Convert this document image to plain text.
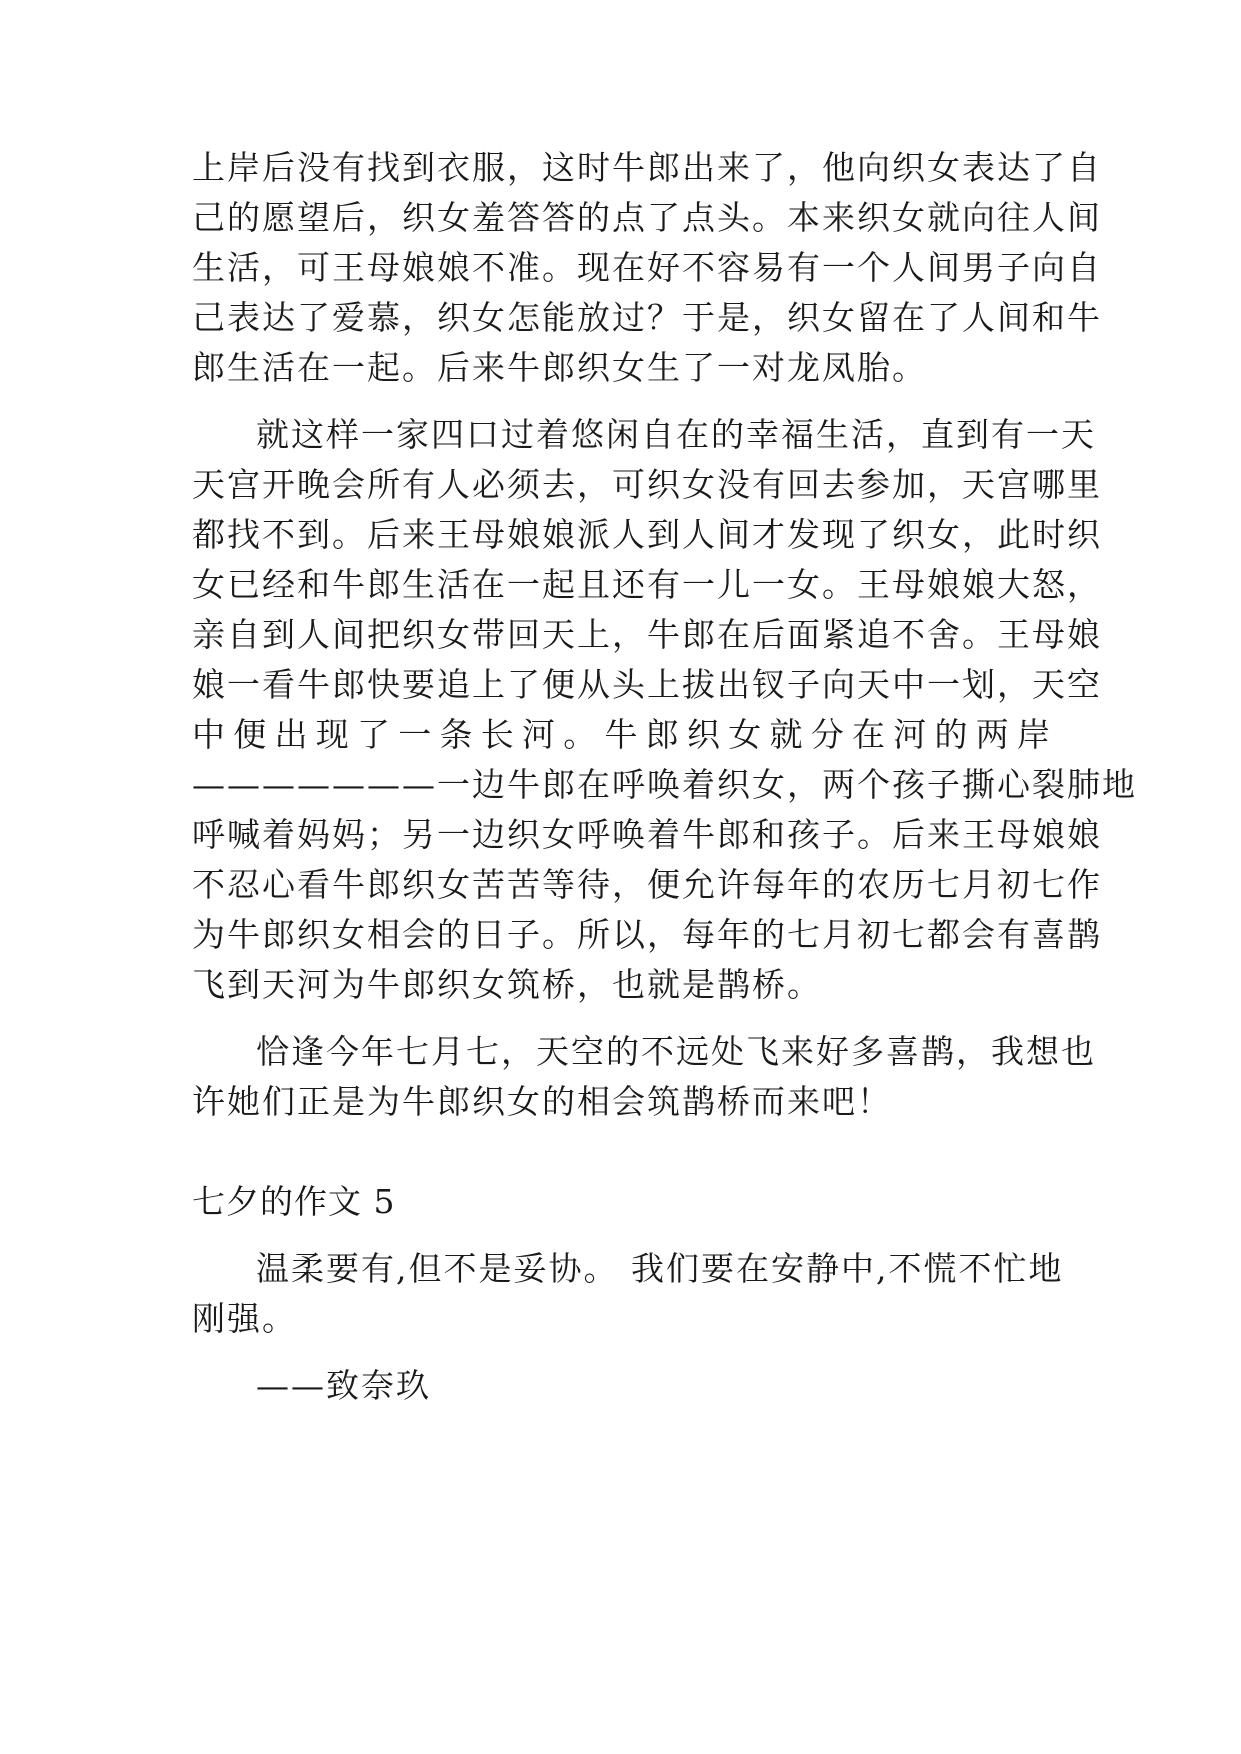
上岸后没有找到衣服，这时牛郎出来了，他向织女表达了自
己的愿望后，织女羞答答的点了点头。本来织女就向往人间
生活，可王母娘娘不准。现在好不容易有一个人间男子向自
己表达了爱慕，织女怎能放过？于是，织女留在了人间和牛
郎生活在一起。后来牛郎织女生了一对龙凤胎。
就这样一家四口过着悠闲自在的幸福生活，直到有一天
天宫开晚会所有人必须去，可织女没有回去参加，天宫哪里
都找不到。后来王母娘娘派人到人间才发现了织女，此时织
女已经和牛郎生活在一起且还有一儿一女。王母娘娘大怒，
亲自到人间把织女带回天上，牛郎在后面紧追不舍。王母娘
娘一看牛郎快要追上了便从头上拔出钗子向天中一划，天空
中便出现了一条长河。牛郎织女就分在河的两岸
———————一边牛郎在呼唤着织女，两个孩子撕心裂肺地
呼喊着妈妈；另一边织女呼唤着牛郎和孩子。后来王母娘娘
不忍心看牛郎织女苦苦等待，便允许每年的农历七月初七作
为牛郎织女相会的日子。所以，每年的七月初七都会有喜鹊
飞到天河为牛郎织女筑桥，也就是鹊桥。
恰逢今年七月七，天空的不远处飞来好多喜鹊，我想也
许她们正是为牛郎织女的相会筑鹊桥而来吧！
七夕的作文 5
温柔要有,但不是妥协。 我们要在安静中,不慌不忙地
刚强。
——致奈玖
